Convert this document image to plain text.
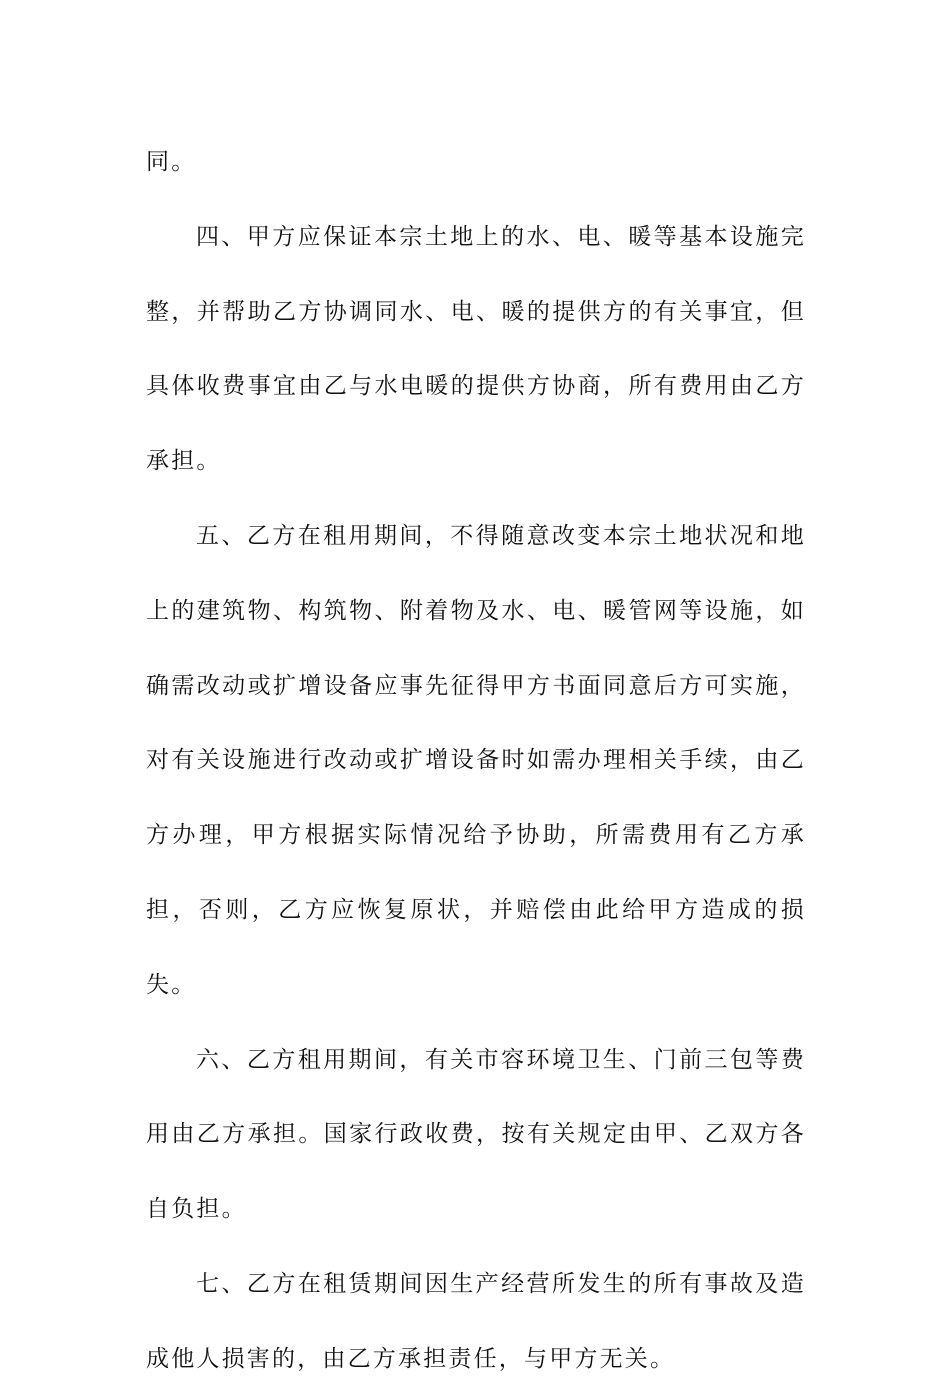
同。

四、甲方应保证本宗土地上的水、电、暖等基本设施完整，并帮助乙方协调同水、电、暖的提供方的有关事宜，但具体收费事宜由乙与水电暖的提供方协商，所有费用由乙方承担。

五、乙方在租用期间，不得随意改变本宗土地状况和地上的建筑物、构筑物、附着物及水、电、暖管网等设施，如确需改动或扩增设备应事先征得甲方书面同意后方可实施，对有关设施进行改动或扩增设备时如需办理相关手续，由乙方办理，甲方根据实际情况给予协助，所需费用有乙方承担，否则，乙方应恢复原状，并赔偿由此给甲方造成的损失。

六、乙方租用期间，有关市容环境卫生、门前三包等费用由乙方承担。国家行政收费，按有关规定由甲、乙双方各自负担。

七、乙方在租赁期间因生产经营所发生的所有事故及造成他人损害的，由乙方承担责任，与甲方无关。
